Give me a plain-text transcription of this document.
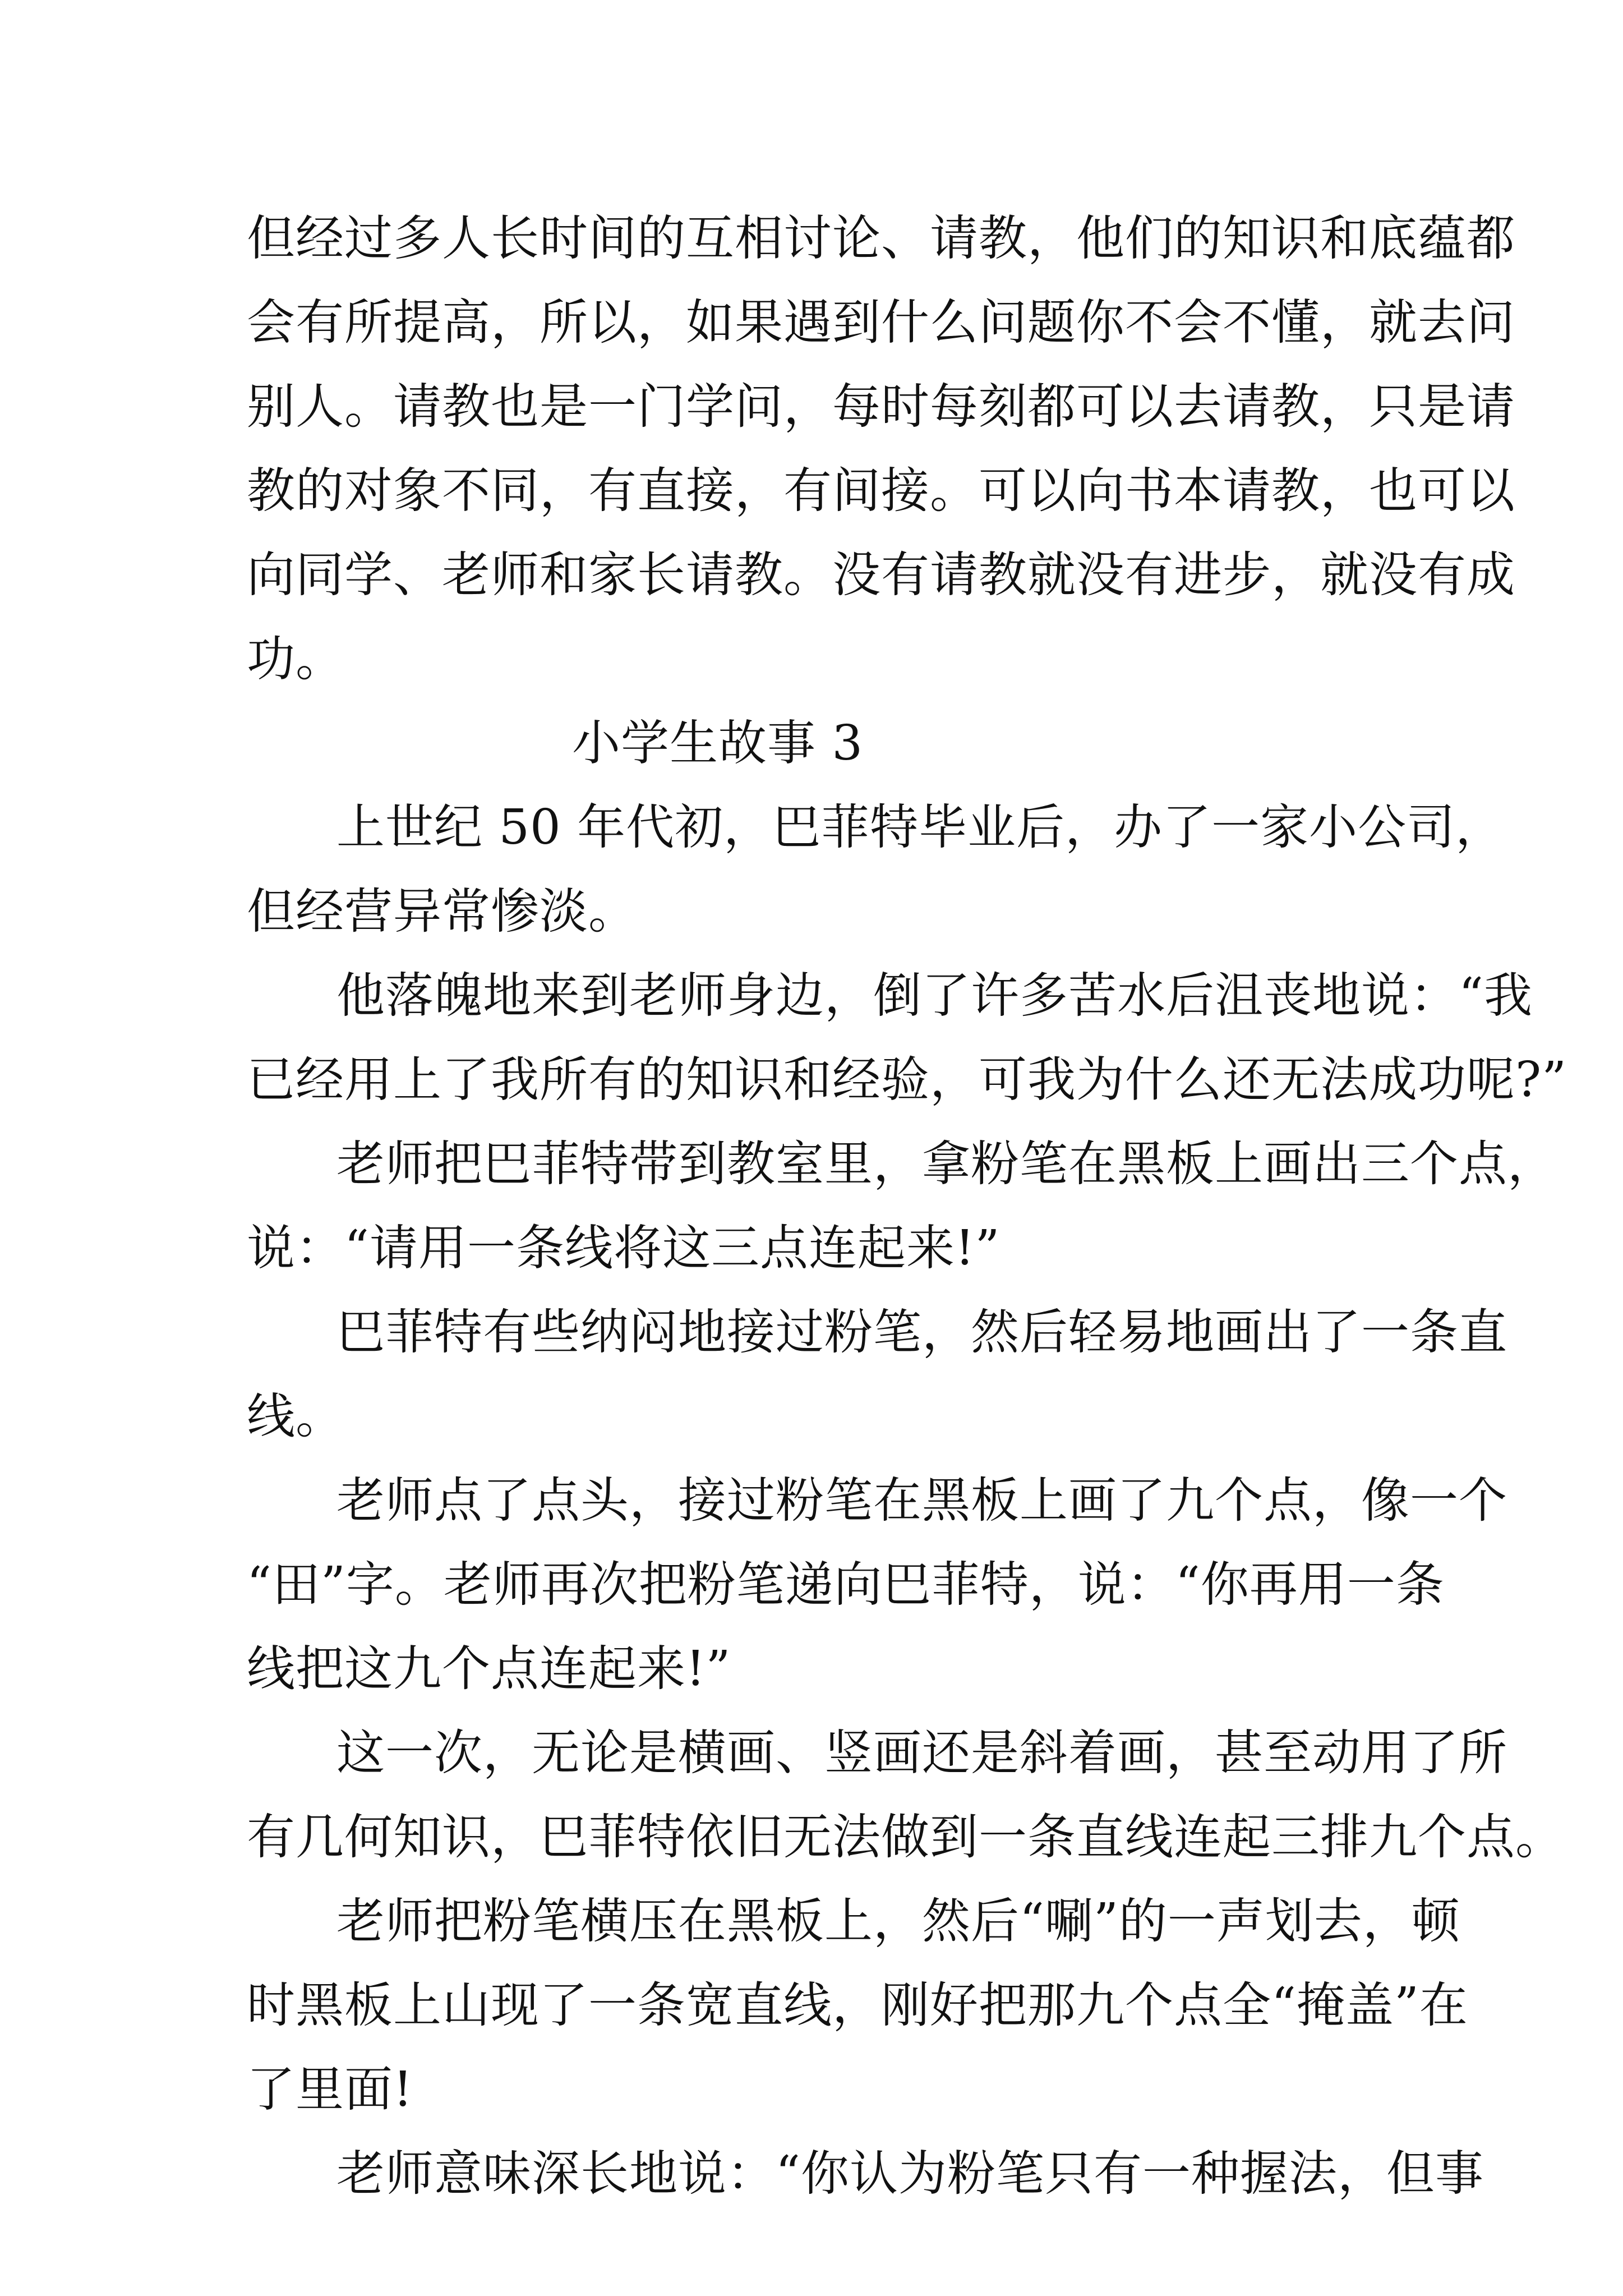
但经过多人长时间的互相讨论、请教，他们的知识和底蕴都
会有所提高，所以，如果遇到什么问题你不会不懂，就去问
别人。请教也是一门学问，每时每刻都可以去请教，只是请
教的对象不同，有直接，有间接。可以向书本请教，也可以
向同学、老师和家长请教。没有请教就没有进步，就没有成
功。
小学生故事 3
上世纪 50 年代初，巴菲特毕业后，办了一家小公司，
但经营异常惨淡。
他落魄地来到老师身边，倒了许多苦水后沮丧地说：“我
已经用上了我所有的知识和经验，可我为什么还无法成功呢?”
老师把巴菲特带到教室里，拿粉笔在黑板上画出三个点，
说：“请用一条线将这三点连起来!”
巴菲特有些纳闷地接过粉笔，然后轻易地画出了一条直
线。
老师点了点头，接过粉笔在黑板上画了九个点，像一个
“田”字。老师再次把粉笔递向巴菲特，说：“你再用一条
线把这九个点连起来!”
这一次，无论是横画、竖画还是斜着画，甚至动用了所
有几何知识，巴菲特依旧无法做到一条直线连起三排九个点。
老师把粉笔横压在黑板上，然后“唰”的一声划去，顿
时黑板上山现了一条宽直线，刚好把那九个点全“掩盖”在
了里面!
老师意味深长地说：“你认为粉笔只有一种握法，但事
